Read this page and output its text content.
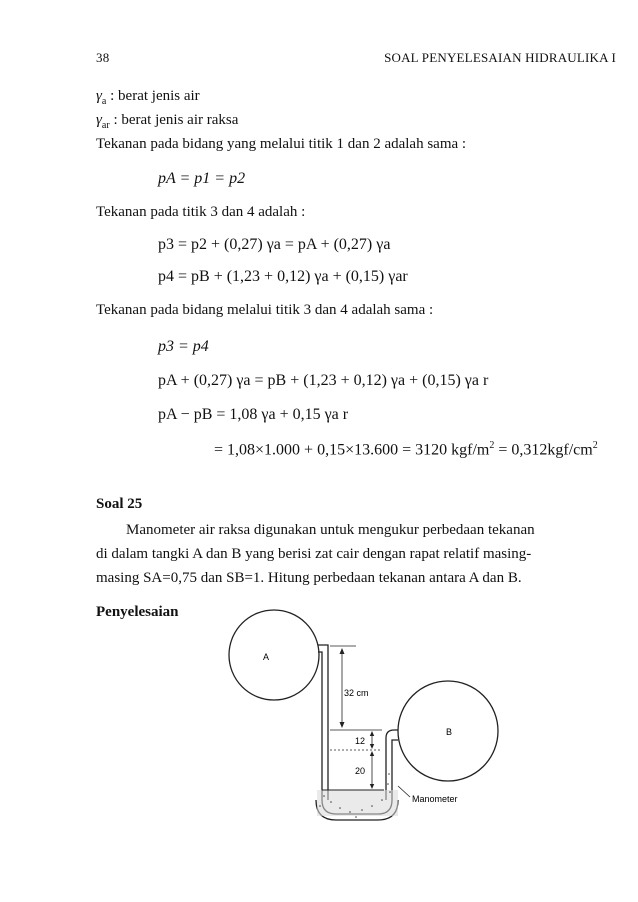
38	SOAL PENYELESAIAN HIDRAULIKA I
$\gamma_a$ : berat jenis air
$\gamma_{ar}$ : berat jenis air raksa
Tekanan pada bidang yang melalui titik 1 dan 2 adalah sama :
pA = p1 = p2
Tekanan pada titik 3 dan 4 adalah :
p3 = p2 + (0,27) γa = pA + (0,27) γa
p4 = pB + (1,23 + 0,12) γa + (0,15) γar
Tekanan pada bidang melalui titik 3 dan 4 adalah sama :
p3 = p4
pA + (0,27) γa = pB + (1,23 + 0,12) γa + (0,15) γa r
pA − pB = 1,08 γa + 0,15 γa r
= 1,08×1.000 + 0,15×13.600 = 3120 kgf/$m^2 = 0,312kgf/cm^2$
Soal 25
Manometer air raksa digunakan untuk mengukur perbedaan tekanan
di dalam tangki A dan B yang berisi zat cair dengan rapat relatif masing-
masing SA=0,75 dan SB=1. Hitung perbedaan tekanan antara A dan B.
Penyelesaian
A
B
32 cm
12
20
Manometer
